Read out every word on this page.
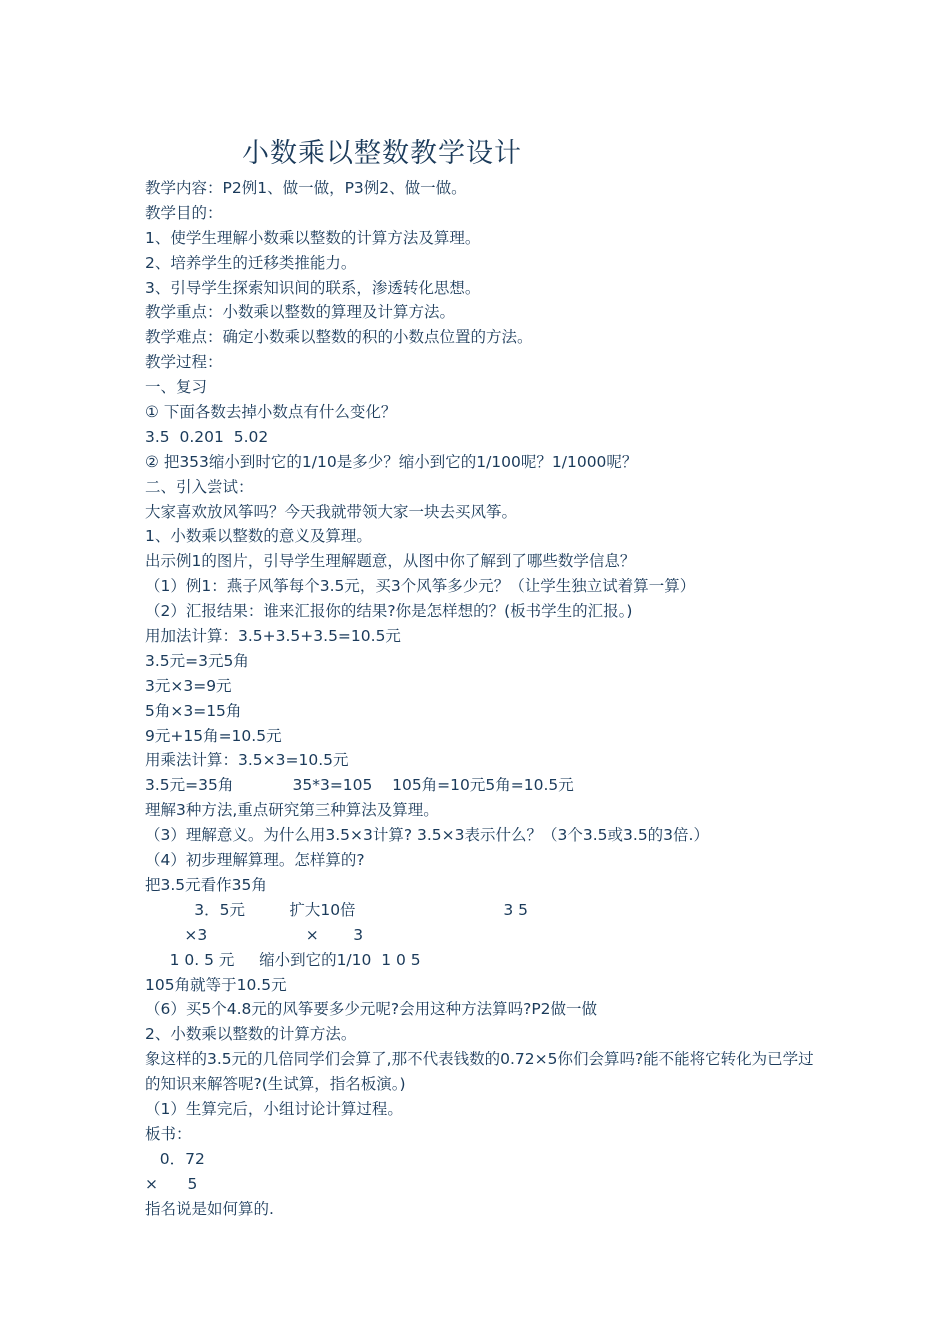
小数乘以整数教学设计
教学内容：P2例1、做一做，P3例2、做一做。
教学目的：
1、使学生理解小数乘以整数的计算方法及算理。
2、培养学生的迁移类推能力。
3、引导学生探索知识间的联系，渗透转化思想。
教学重点：小数乘以整数的算理及计算方法。
教学难点：确定小数乘以整数的积的小数点位置的方法。
教学过程：
一、复习
① 下面各数去掉小数点有什么变化？
3.5  0.201  5.02
② 把353缩小到时它的1/10是多少？缩小到它的1/100呢？1/1000呢？
二、引入尝试：
大家喜欢放风筝吗？今天我就带领大家一块去买风筝。
1、小数乘以整数的意义及算理。
出示例1的图片，引导学生理解题意，从图中你了解到了哪些数学信息？
（1）例1：燕子风筝每个3.5元，买3个风筝多少元？（让学生独立试着算一算）
（2）汇报结果：谁来汇报你的结果?你是怎样想的？(板书学生的汇报。)
用加法计算：3.5+3.5+3.5=10.5元
3.5元=3元5角
3元×3=9元
5角×3=15角
9元+15角=10.5元
用乘法计算：3.5×3=10.5元
3.5元=35角            35*3=105    105角=10元5角=10.5元
理解3种方法,重点研究第三种算法及算理。
（3）理解意义。为什么用3.5×3计算? 3.5×3表示什么？（3个3.5或3.5的3倍.）
（4）初步理解算理。怎样算的?
把3.5元看作35角
3．5元         扩大10倍                              3 5
×3                    ×       3
1 0. 5 元     缩小到它的1/10  1 0 5
105角就等于10.5元
（6）买5个4.8元的风筝要多少元呢?会用这种方法算吗?P2做一做
2、小数乘以整数的计算方法。
象这样的3.5元的几倍同学们会算了,那不代表钱数的0.72×5你们会算吗?能不能将它转化为已学过的知识来解答呢?(生试算，指名板演。)
（1）生算完后，小组讨论计算过程。
板书：
0．72
×      5
指名说是如何算的.
